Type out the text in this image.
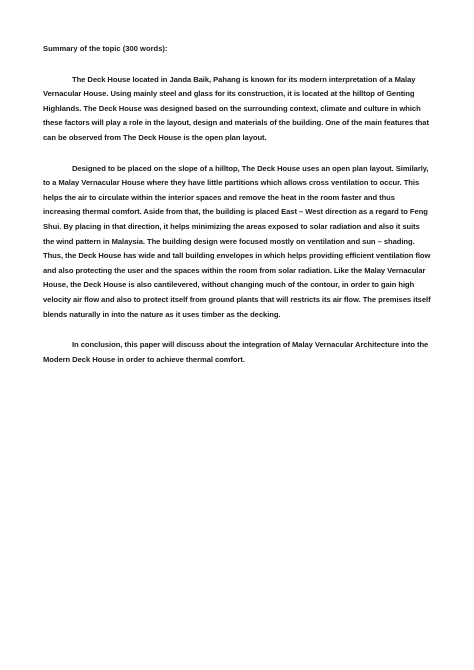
Summary of the topic (300 words):

The Deck House located in Janda Baik, Pahang is known for its modern interpretation of a Malay Vernacular House. Using mainly steel and glass for its construction, it is located at the hilltop of Genting Highlands. The Deck House was designed based on the surrounding context, climate and culture in which these factors will play a role in the layout, design and materials of the building. One of the main features that can be observed from The Deck House is the open plan layout.

Designed to be placed on the slope of a hilltop, The Deck House uses an open plan layout. Similarly, to a Malay Vernacular House where they have little partitions which allows cross ventilation to occur. This helps the air to circulate within the interior spaces and remove the heat in the room faster and thus increasing thermal comfort. Aside from that, the building is placed East – West direction as a regard to Feng Shui. By placing in that direction, it helps minimizing the areas exposed to solar radiation and also it suits the wind pattern in Malaysia. The building design were focused mostly on ventilation and sun – shading. Thus, the Deck House has wide and tall building envelopes in which helps providing efficient ventilation flow and also protecting the user and the spaces within the room from solar radiation. Like the Malay Vernacular House, the Deck House is also cantilevered, without changing much of the contour, in order to gain high velocity air flow and also to protect itself from ground plants that will restricts its air flow. The premises itself blends naturally in into the nature as it uses timber as the decking.

In conclusion, this paper will discuss about the integration of Malay Vernacular Architecture into the Modern Deck House in order to achieve thermal comfort.
